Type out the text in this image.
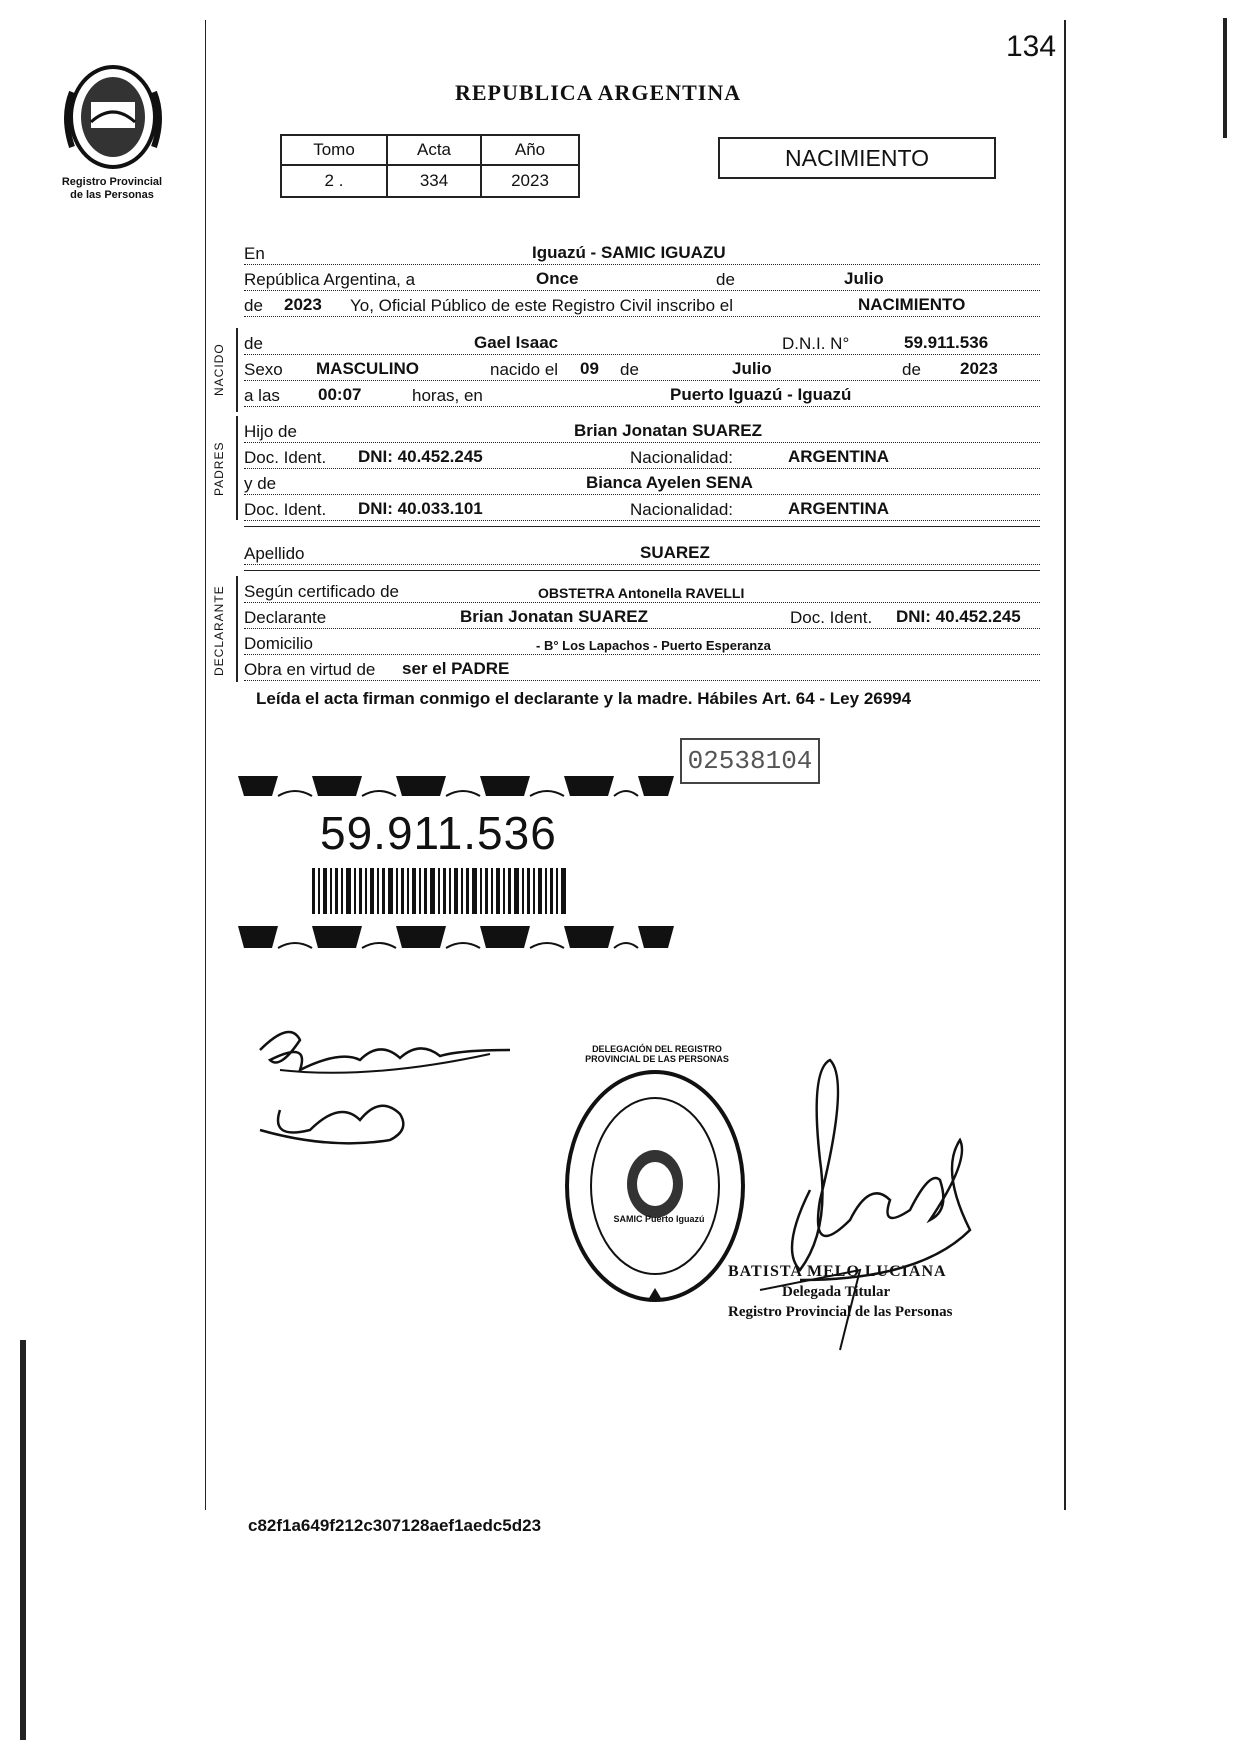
Registro Provincial
de las Personas
134
REPUBLICA ARGENTINA
Tomo	Acta	Año
2 .	334	2023
NACIMIENTO
En	Iguazú - SAMIC IGUAZU
República Argentina, a	Once	de	Julio
de 2023 Yo, Oficial Público de este Registro Civil inscribo el	NACIMIENTO
NACIDO de	Gael Isaac	D.N.I. N°	59.911.536
Sexo MASCULINO	nacido el 09 de	Julio	de 2023
a las 00:07	horas, en	Puerto Iguazú - Iguazú
PADRES
Hijo de	Brian Jonatan SUAREZ
Doc. Ident. DNI: 40.452.245	Nacionalidad:	ARGENTINA
y de	Bianca Ayelen SENA
Doc. Ident. DNI: 40.033.101	Nacionalidad:	ARGENTINA
Apellido	SUAREZ
DECLARANTE Según certificado de	OBSTETRA Antonella RAVELLI
Declarante	Brian Jonatan SUAREZ	Doc. Ident. DNI: 40.452.245
Domicilio	- B° Los Lapachos - Puerto Esperanza
Obra en virtud de ser el PADRE
Leída el acta firman conmigo el declarante y la madre. Hábiles Art. 64 - Ley 26994
02538104
59.911.536
DELEGACIÓN DEL REGISTRO PROVINCIAL DE LAS PERSONAS
SAMIC Puerto Iguazú
BATISTA MELO LUCIANA
Delegada Titular
Registro Provincial de las Personas
c82f1a649f212c307128aef1aedc5d23
